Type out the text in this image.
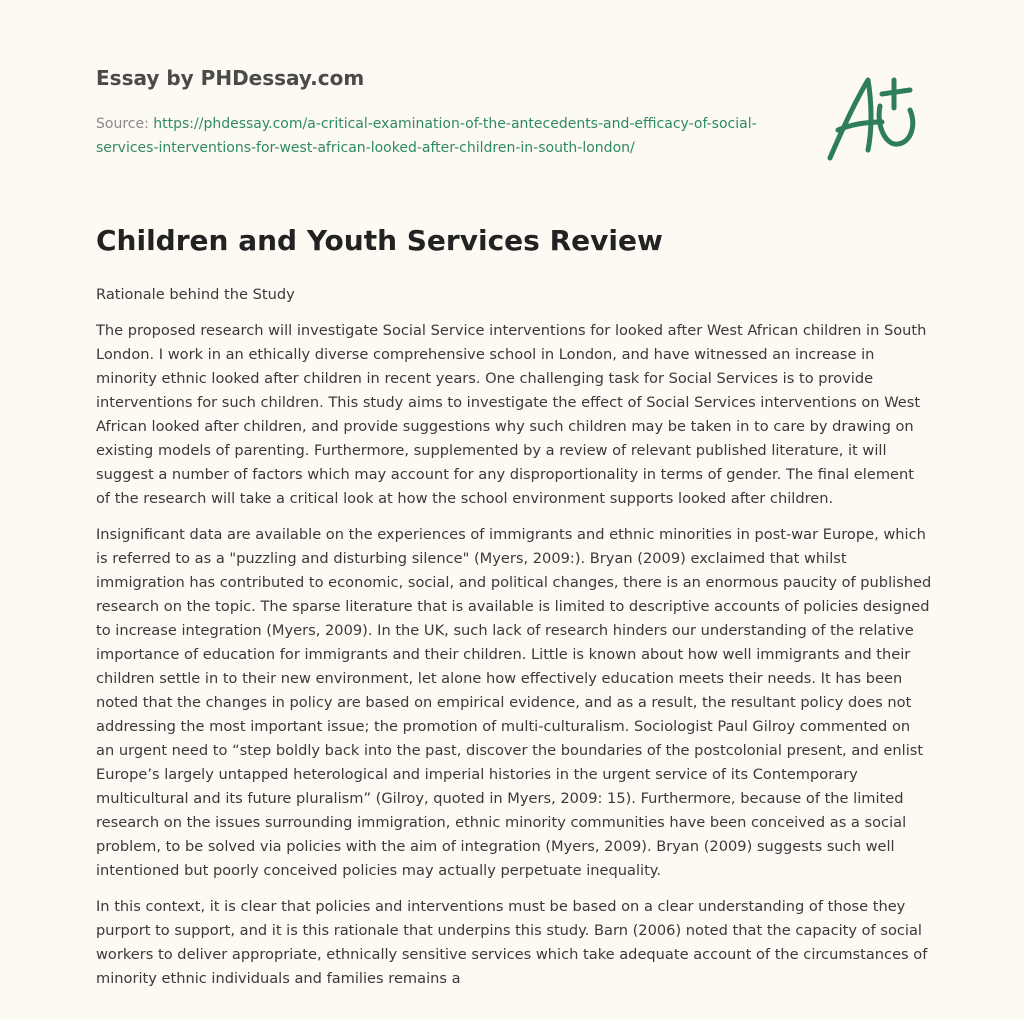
Essay by PHDessay.com

Source: https://phdessay.com/a-critical-examination-of-the-antecedents-and-efficacy-of-social-services-interventions-for-west-african-looked-after-children-in-south-london/

Children and Youth Services Review

Rationale behind the Study

The proposed research will investigate Social Service interventions for looked after West African children in South London. I work in an ethically diverse comprehensive school in London, and have witnessed an increase in minority ethnic looked after children in recent years. One challenging task for Social Services is to provide interventions for such children. This study aims to investigate the effect of Social Services interventions on West African looked after children, and provide suggestions why such children may be taken in to care by drawing on existing models of parenting. Furthermore, supplemented by a review of relevant published literature, it will suggest a number of factors which may account for any disproportionality in terms of gender. The final element of the research will take a critical look at how the school environment supports looked after children.

Insignificant data are available on the experiences of immigrants and ethnic minorities in post-war Europe, which is referred to as a "puzzling and disturbing silence" (Myers, 2009:). Bryan (2009) exclaimed that whilst immigration has contributed to economic, social, and political changes, there is an enormous paucity of published research on the topic. The sparse literature that is available is limited to descriptive accounts of policies designed to increase integration (Myers, 2009). In the UK, such lack of research hinders our understanding of the relative importance of education for immigrants and their children. Little is known about how well immigrants and their children settle in to their new environment, let alone how effectively education meets their needs. It has been noted that the changes in policy are based on empirical evidence, and as a result, the resultant policy does not addressing the most important issue; the promotion of multi-culturalism. Sociologist Paul Gilroy commented on an urgent need to “step boldly back into the past, discover the boundaries of the postcolonial present, and enlist Europe’s largely untapped heterological and imperial histories in the urgent service of its Contemporary multicultural and its future pluralism” (Gilroy, quoted in Myers, 2009: 15). Furthermore, because of the limited research on the issues surrounding immigration, ethnic minority communities have been conceived as a social problem, to be solved via policies with the aim of integration (Myers, 2009). Bryan (2009) suggests such well intentioned but poorly conceived policies may actually perpetuate inequality.

In this context, it is clear that policies and interventions must be based on a clear understanding of those they purport to support, and it is this rationale that underpins this study. Barn (2006) noted that the capacity of social workers to deliver appropriate, ethnically sensitive services which take adequate account of the circumstances of minority ethnic individuals and families remains a
